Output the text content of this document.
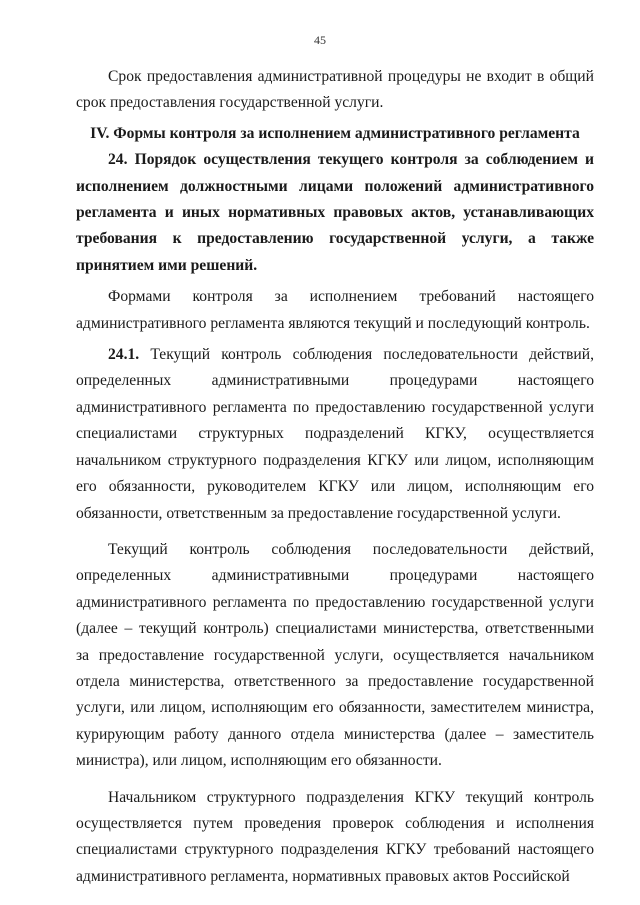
45

Срок предоставления административной процедуры не входит в общий срок предоставления государственной услуги.

IV. Формы контроля за исполнением административного регламента

24. Порядок осуществления текущего контроля за соблюдением и исполнением должностными лицами положений административного регламента и иных нормативных правовых актов, устанавливающих требования к предоставлению государственной услуги, а также принятием ими решений.

Формами контроля за исполнением требований настоящего административного регламента являются текущий и последующий контроль.

24.1. Текущий контроль соблюдения последовательности действий, определенных административными процедурами настоящего административного регламента по предоставлению государственной услуги специалистами структурных подразделений КГКУ, осуществляется начальником структурного подразделения КГКУ или лицом, исполняющим его обязанности, руководителем КГКУ или лицом, исполняющим его обязанности, ответственным за предоставление государственной услуги.

Текущий контроль соблюдения последовательности действий, определенных административными процедурами настоящего административного регламента по предоставлению государственной услуги (далее – текущий контроль) специалистами министерства, ответственными за предоставление государственной услуги, осуществляется начальником отдела министерства, ответственного за предоставление государственной услуги, или лицом, исполняющим его обязанности, заместителем министра, курирующим работу данного отдела министерства (далее – заместитель министра), или лицом, исполняющим его обязанности.

Начальником структурного подразделения КГКУ текущий контроль осуществляется путем проведения проверок соблюдения и исполнения специалистами структурного подразделения КГКУ требований настоящего административного регламента, нормативных правовых актов Российской
